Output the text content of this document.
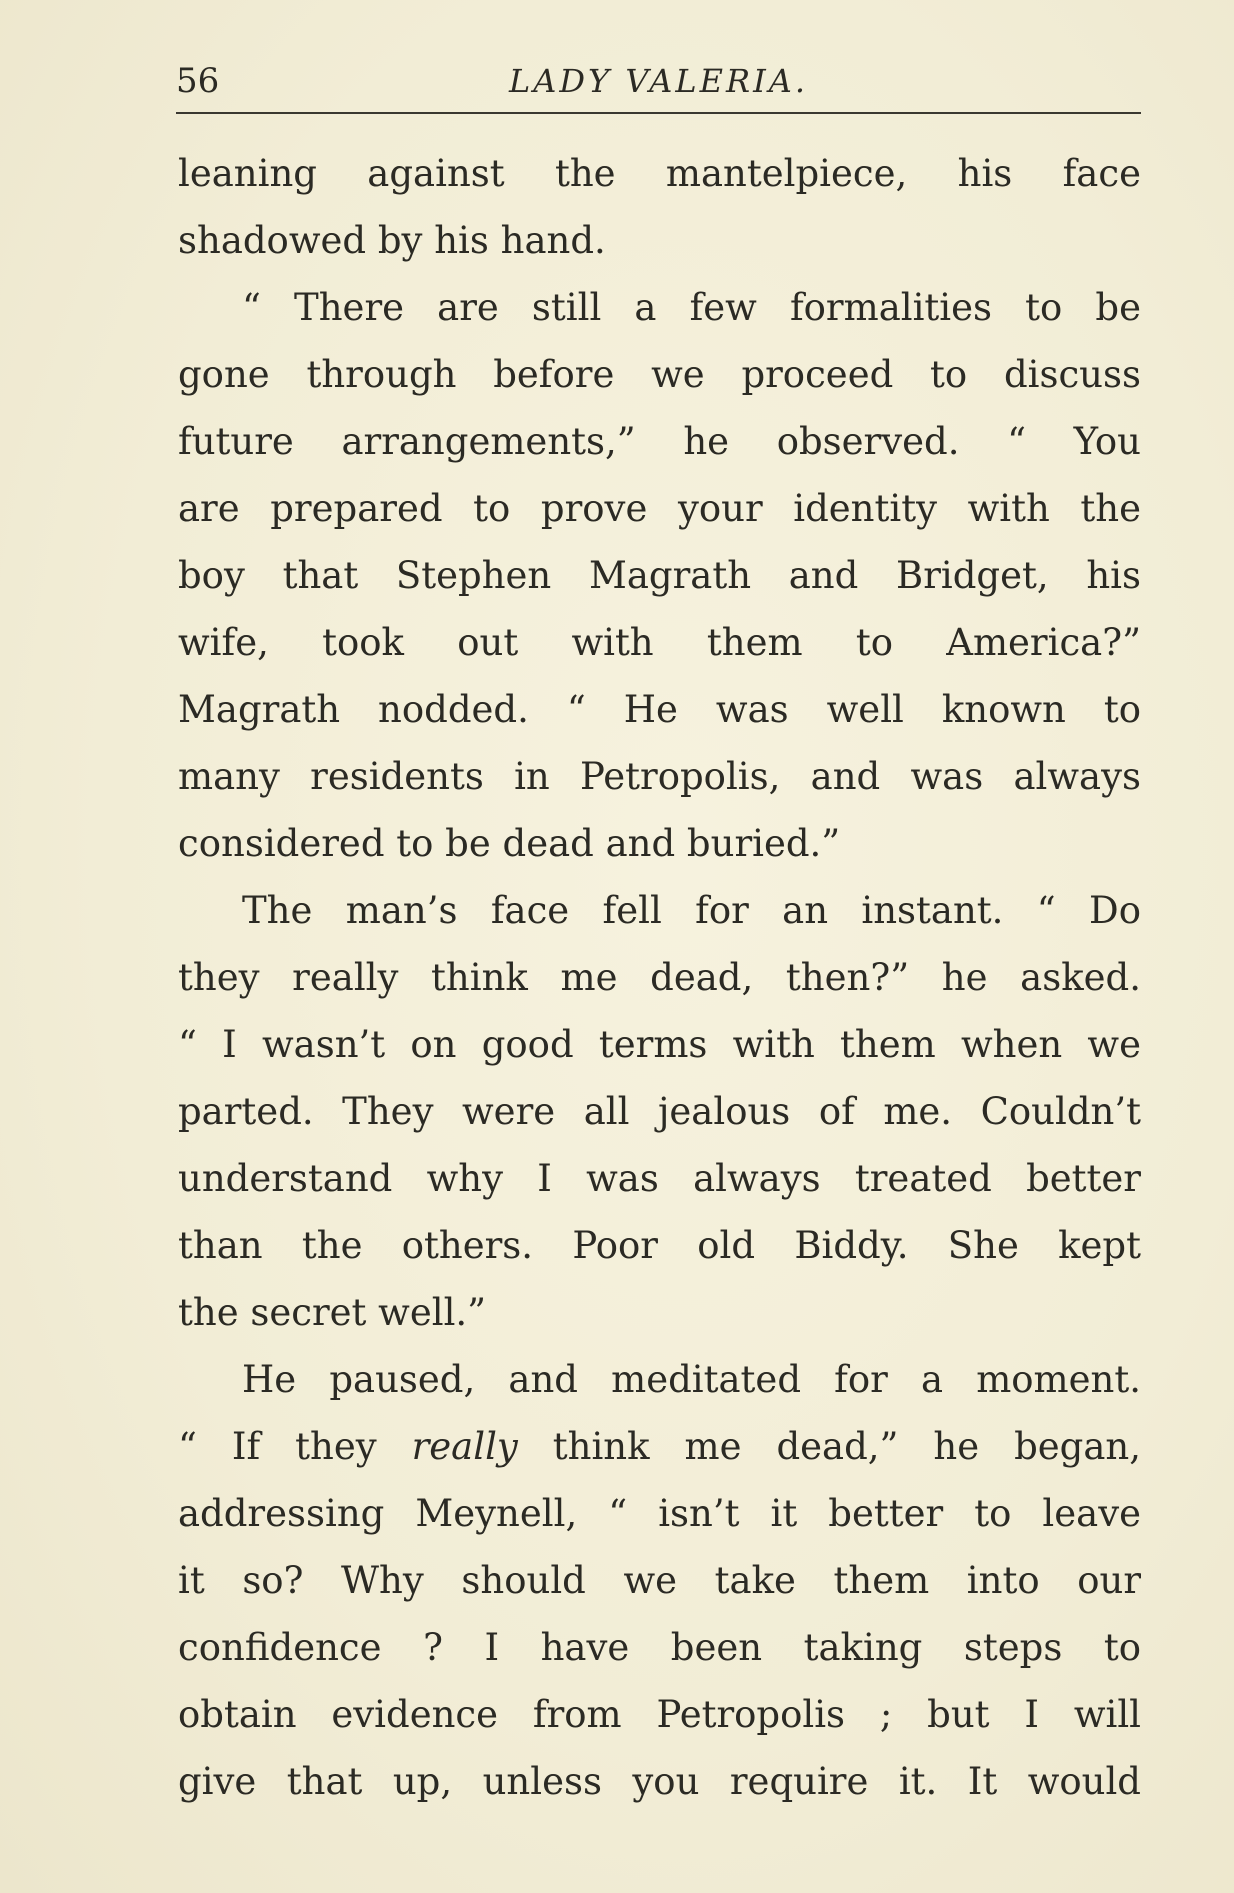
56	LADY VALERIA.
leaning against the mantelpiece, his face
shadowed by his hand.
“ There are still a few formalities to be
gone through before we proceed to discuss
future arrangements,” he observed. “ You
are prepared to prove your identity with the
boy that Stephen Magrath and Bridget, his
wife, took out with them to America?”
Magrath nodded. “ He was well known to
many residents in Petropolis, and was always
considered to be dead and buried.”
The man’s face fell for an instant. “ Do
they really think me dead, then?” he asked.
“ I wasn’t on good terms with them when we
parted. They were all jealous of me. Couldn’t
understand why I was always treated better
than the others. Poor old Biddy. She kept
the secret well.”
He paused, and meditated for a moment.
“ If they really think me dead,” he began,
addressing Meynell, “ isn’t it better to leave
it so? Why should we take them into our
confidence ? I have been taking steps to
obtain evidence from Petropolis ; but I will
give that up, unless you require it. It would
